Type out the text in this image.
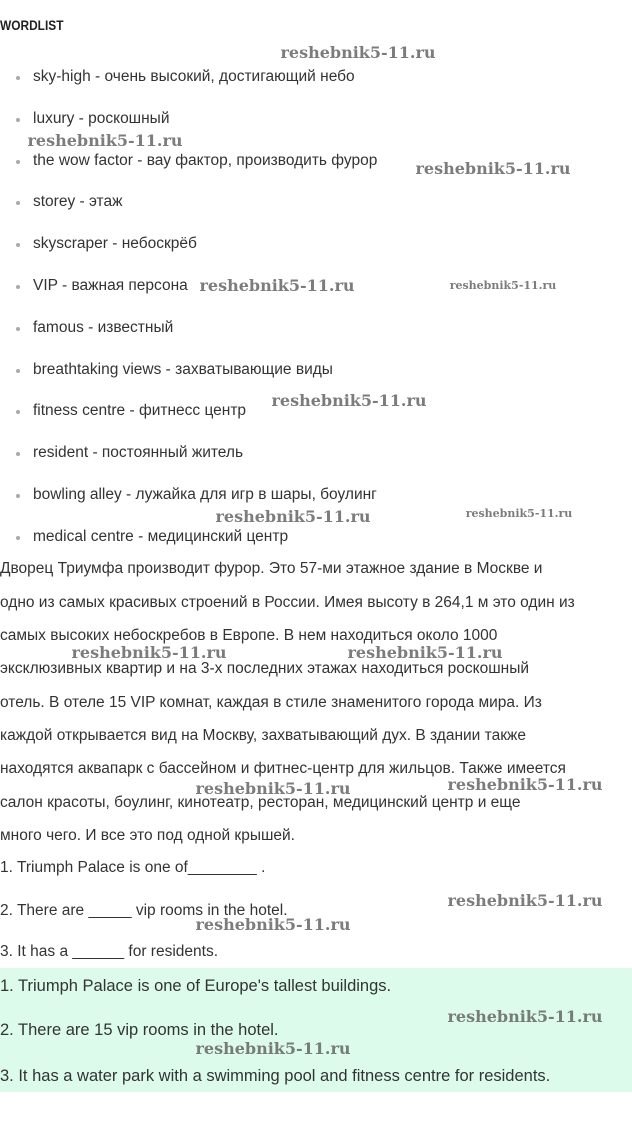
WORDLIST
sky-high - очень высокий, достигающий небо
luxury - роскошный
the wow factor - вау фактор, производить фурор
storey - этаж
skyscraper - небоскрёб
VIP - важная персона
famous - известный
breathtaking views - захватывающие виды
fitness centre - фитнесс центр
resident - постоянный житель
bowling alley - лужайка для игр в шары, боулинг
medical centre - медицинский центр
Дворец Триумфа производит фурор. Это 57-ми этажное здание в Москве и
одно из самых красивых строений в России. Имея высоту в 264,1 м это один из
самых высоких небоскребов в Европе. В нем находиться около 1000
эксклюзивных квартир и на 3-х последних этажах находиться роскошный
отель. В отеле 15 VIP комнат, каждая в стиле знаменитого города мира. Из
каждой открывается вид на Москву, захватывающий дух. В здании также
находятся аквапарк с бассейном и фитнес-центр для жильцов. Также имеется
салон красоты, боулинг, кинотеатр, ресторан, медицинский центр и еще
много чего. И все это под одной крышей.
1. Triumph Palace is one of________ .
2. There are _____ vip rooms in the hotel.
3. It has a ______ for residents.
1. Triumph Palace is one of Europe's tallest buildings.
2. There are 15 vip rooms in the hotel.
3. It has a water park with a swimming pool and fitness centre for residents.
reshebnik5-11.ru
reshebnik5-11.ru
reshebnik5-11.ru
reshebnik5-11.ru	reshebnik5-11.ru
reshebnik5-11.ru
reshebnik5-11.ru	reshebnik5-11.ru
reshebnik5-11.ru	reshebnik5-11.ru
reshebnik5-11.ru	reshebnik5-11.ru
reshebnik5-11.ru
reshebnik5-11.ru
reshebnik5-11.ru
reshebnik5-11.ru
